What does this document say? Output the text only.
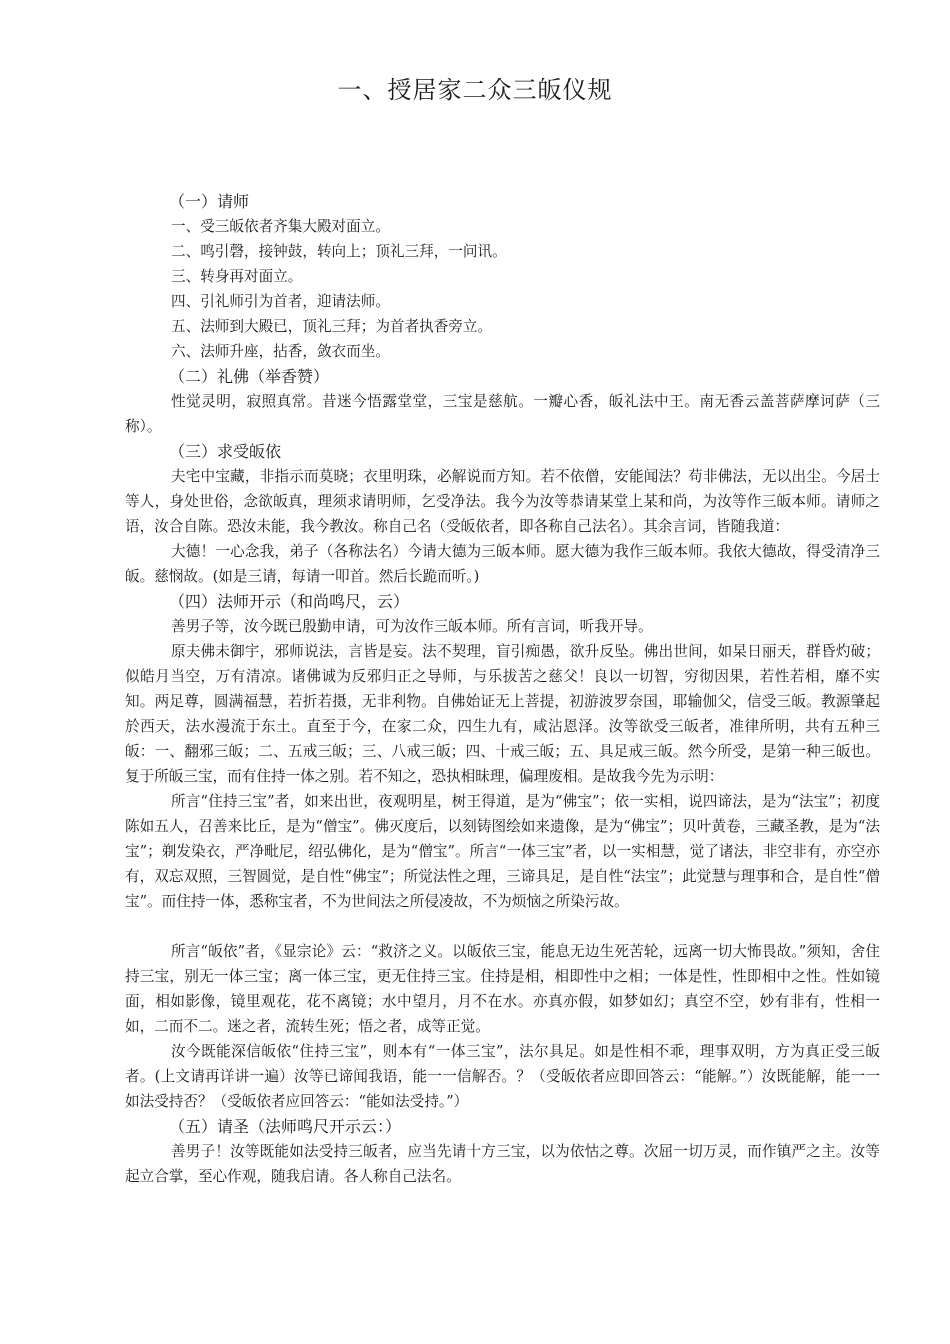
一、授居家二众三皈仪规
（一）请师

一、受三皈依者齐集大殿对面立。

二、鸣引磬，接钟鼓，转向上；顶礼三拜，一问讯。

三、转身再对面立。

四、引礼师引为首者，迎请法师。

五、法师到大殿已，顶礼三拜；为首者执香旁立。

六、法师升座，拈香，敛衣而坐。

（二）礼佛（举香赞）

性觉灵明，寂照真常。昔迷今悟露堂堂，三宝是慈航。一瓣心香，皈礼法中王。南无香云盖菩萨摩诃萨（三称）。

（三）求受皈依

夫宅中宝藏，非指示而莫晓；衣里明珠，必解说而方知。若不依僧，安能闻法？苟非佛法，无以出尘。今居士等人，身处世俗，念欲皈真，理须求请明师，乞受净法。我今为汝等恭请某堂上某和尚，为汝等作三皈本师。请师之语，汝合自陈。恐汝未能，我今教汝。称自己名（受皈依者，即各称自己法名）。其余言词，皆随我道：

大德！一心念我，弟子（各称法名）今请大德为三皈本师。愿大德为我作三皈本师。我依大德故，得受清净三皈。慈悯故。(如是三请，每请一叩首。然后长跪而听。)

（四）法师开示（和尚鸣尺，云）

善男子等，汝今既已殷勤申请，可为汝作三皈本师。所有言词，听我开导。

原夫佛未御宇，邪师说法，言皆是妄。法不契理，盲引痴愚，欲升反坠。佛出世间，如杲日丽天，群昏灼破；似皓月当空，万有清凉。诸佛诚为反邪归正之导师，与乐拔苦之慈父！良以一切智，穷彻因果，若性若相，靡不实知。两足尊，圆满福慧，若折若摄，无非利物。自佛始证无上菩提，初游波罗奈国，耶输伽父，信受三皈。教源肇起於西天，法水漫流于东土。直至于今，在家二众，四生九有，咸沾恩泽。汝等欲受三皈者，准律所明，共有五种三皈：一、翻邪三皈；二、五戒三皈；三、八戒三皈；四、十戒三皈；五、具足戒三皈。然今所受，是第一种三皈也。复于所皈三宝，而有住持一体之别。若不知之，恐执相昧理，偏理废相。是故我今先为示明：

所言“住持三宝”者，如来出世，夜观明星，树王得道，是为“佛宝”；依一实相，说四谛法，是为“法宝”；初度陈如五人，召善来比丘，是为“僧宝”。佛灭度后，以刻铸图绘如来遗像，是为“佛宝”；贝叶黄卷，三藏圣教，是为“法宝”；剃发染衣，严净毗尼，绍弘佛化，是为“僧宝”。所言“一体三宝”者，以一实相慧，觉了诸法，非空非有，亦空亦有，双忘双照，三智圆觉，是自性“佛宝”；所觉法性之理，三谛具足，是自性“法宝”；此觉慧与理事和合，是自性“僧宝”。而住持一体，悉称宝者，不为世间法之所侵凌故，不为烦恼之所染污故。

所言“皈依”者，《显宗论》云：“救济之义。以皈依三宝，能息无边生死苦轮，远离一切大怖畏故。”须知，舍住持三宝，别无一体三宝；离一体三宝，更无住持三宝。住持是相，相即性中之相；一体是性，性即相中之性。性如镜面，相如影像，镜里观花，花不离镜；水中望月，月不在水。亦真亦假，如梦如幻；真空不空，妙有非有，性相一如，二而不二。迷之者，流转生死；悟之者，成等正觉。

汝今既能深信皈依“住持三宝”，则本有“一体三宝”，法尔具足。如是性相不乖，理事双明，方为真正受三皈者。(上文请再详讲一遍）汝等已谛闻我语，能一一信解否。？（受皈依者应即回答云：“能解。”）汝既能解，能一一如法受持否？（受皈依者应回答云：“能如法受持。”）

（五）请圣（法师鸣尺开示云：）

善男子！汝等既能如法受持三皈者，应当先请十方三宝，以为依怙之尊。次屈一切万灵，而作镇严之主。汝等起立合掌，至心作观，随我启请。各人称自己法名。
